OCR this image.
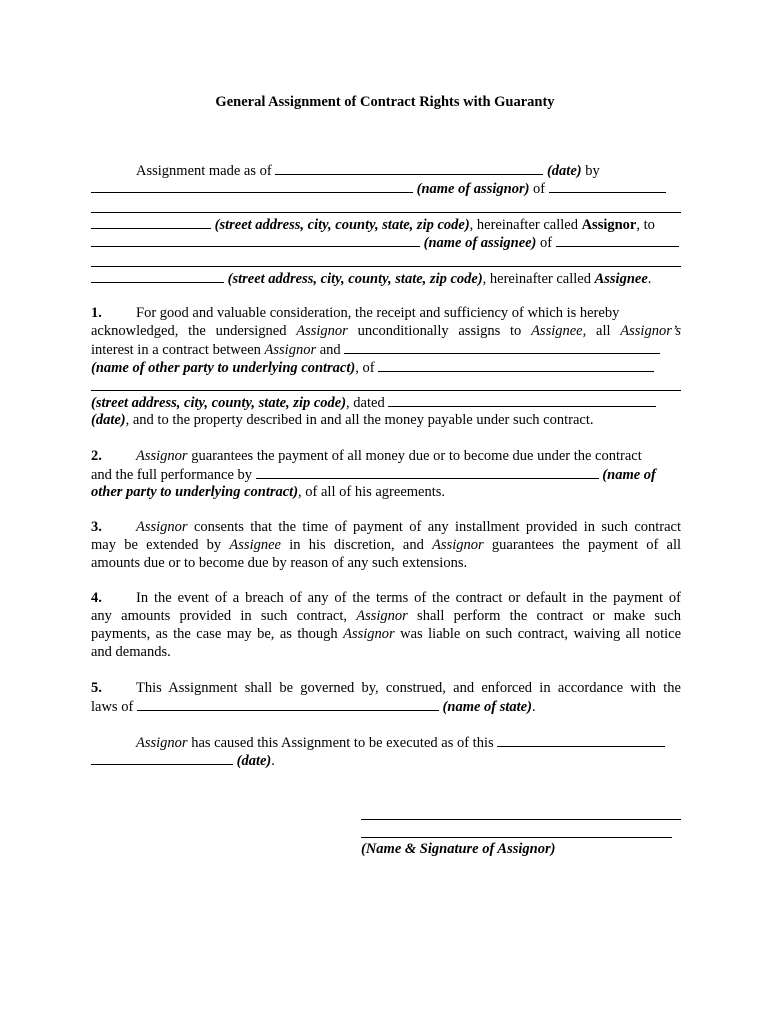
General Assignment of Contract Rights with Guaranty
Assignment made as of	(date) by
(name of assignor) of
(street address, city, county, state, zip code), hereinafter called Assignor, to
(name of assignee) of
(street address, city, county, state, zip code), hereinafter called Assignee.
1. For good and valuable consideration, the receipt and sufficiency of which is hereby
acknowledged, the undersigned Assignor unconditionally assigns to Assignee, all Assignor’s
interest in a contract between Assignor and
(name of other party to underlying contract), of
(street address, city, county, state, zip code), dated
(date), and to the property described in and all the money payable under such contract.
2. Assignor guarantees the payment of all money due or to become due under the contract
and the full performance by	(name of
other party to underlying contract), of all of his agreements.
3. Assignor consents that the time of payment of any installment provided in such contract
may be extended by Assignee in his discretion, and Assignor guarantees the payment of all
amounts due or to become due by reason of any such extensions.
4. In the event of a breach of any of the terms of the contract or default in the payment of
any amounts provided in such contract, Assignor shall perform the contract or make such
payments, as the case may be, as though Assignor was liable on such contract, waiving all notice
and demands.
5. This Assignment shall be governed by, construed, and enforced in accordance with the
laws of	(name of state).
Assignor has caused this Assignment to be executed as of this
(date).
(Name & Signature of Assignor)
